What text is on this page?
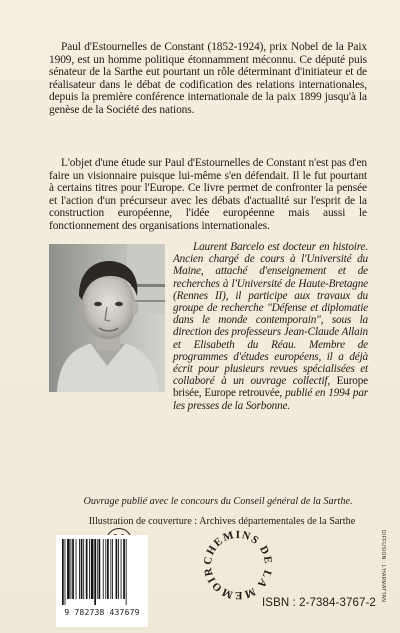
Paul d'Estournelles de Constant (1852-1924), prix Nobel de la Paix 1909, est un homme politique étonnamment méconnu. Ce député puis sénateur de la Sarthe eut pourtant un rôle déterminant d'initiateur et de réalisateur dans le débat de codification des relations internationales, depuis la première conférence internationale de la paix 1899 jusqu'à la genèse de la Société des nations.

L'objet d'une étude sur Paul d'Estournelles de Constant n'est pas d'en faire un visionnaire puisque lui-même s'en défendait. Il le fut pourtant à certains titres pour l'Europe. Ce livre permet de confronter la pensée et l'action d'un précurseur avec les débats d'actualité sur l'esprit de la construction européenne, l'idée européenne mais aussi le fonctionnement des organisations internationales.

Laurent Barcelo est docteur en histoire. Ancien chargé de cours à l'Université du Maine, attaché d'enseignement et de recherches à l'Université de Haute-Bretagne (Rennes II), il participe aux travaux du groupe de recherche "Défense et diplomatie dans le monde contemporain", sous la direction des professeurs Jean-Claude Allain et Elisabeth du Réau. Membre de programmes d'études européens, il a déjà écrit pour plusieurs revues spécialisées et collaboré à un ouvrage collectif, Europe brisée, Europe retrouvée, publié en 1994 par les presses de la Sorbonne.

Ouvrage publié avec le concours du Conseil général de la Sarthe.

Illustration de couverture : Archives départementales de la Sarthe

9 782738 437679
CHEMINS DE LA MEMOIR
ISBN : 2-7384-3767-2
DIFFUSION : L'HARMATTAN
